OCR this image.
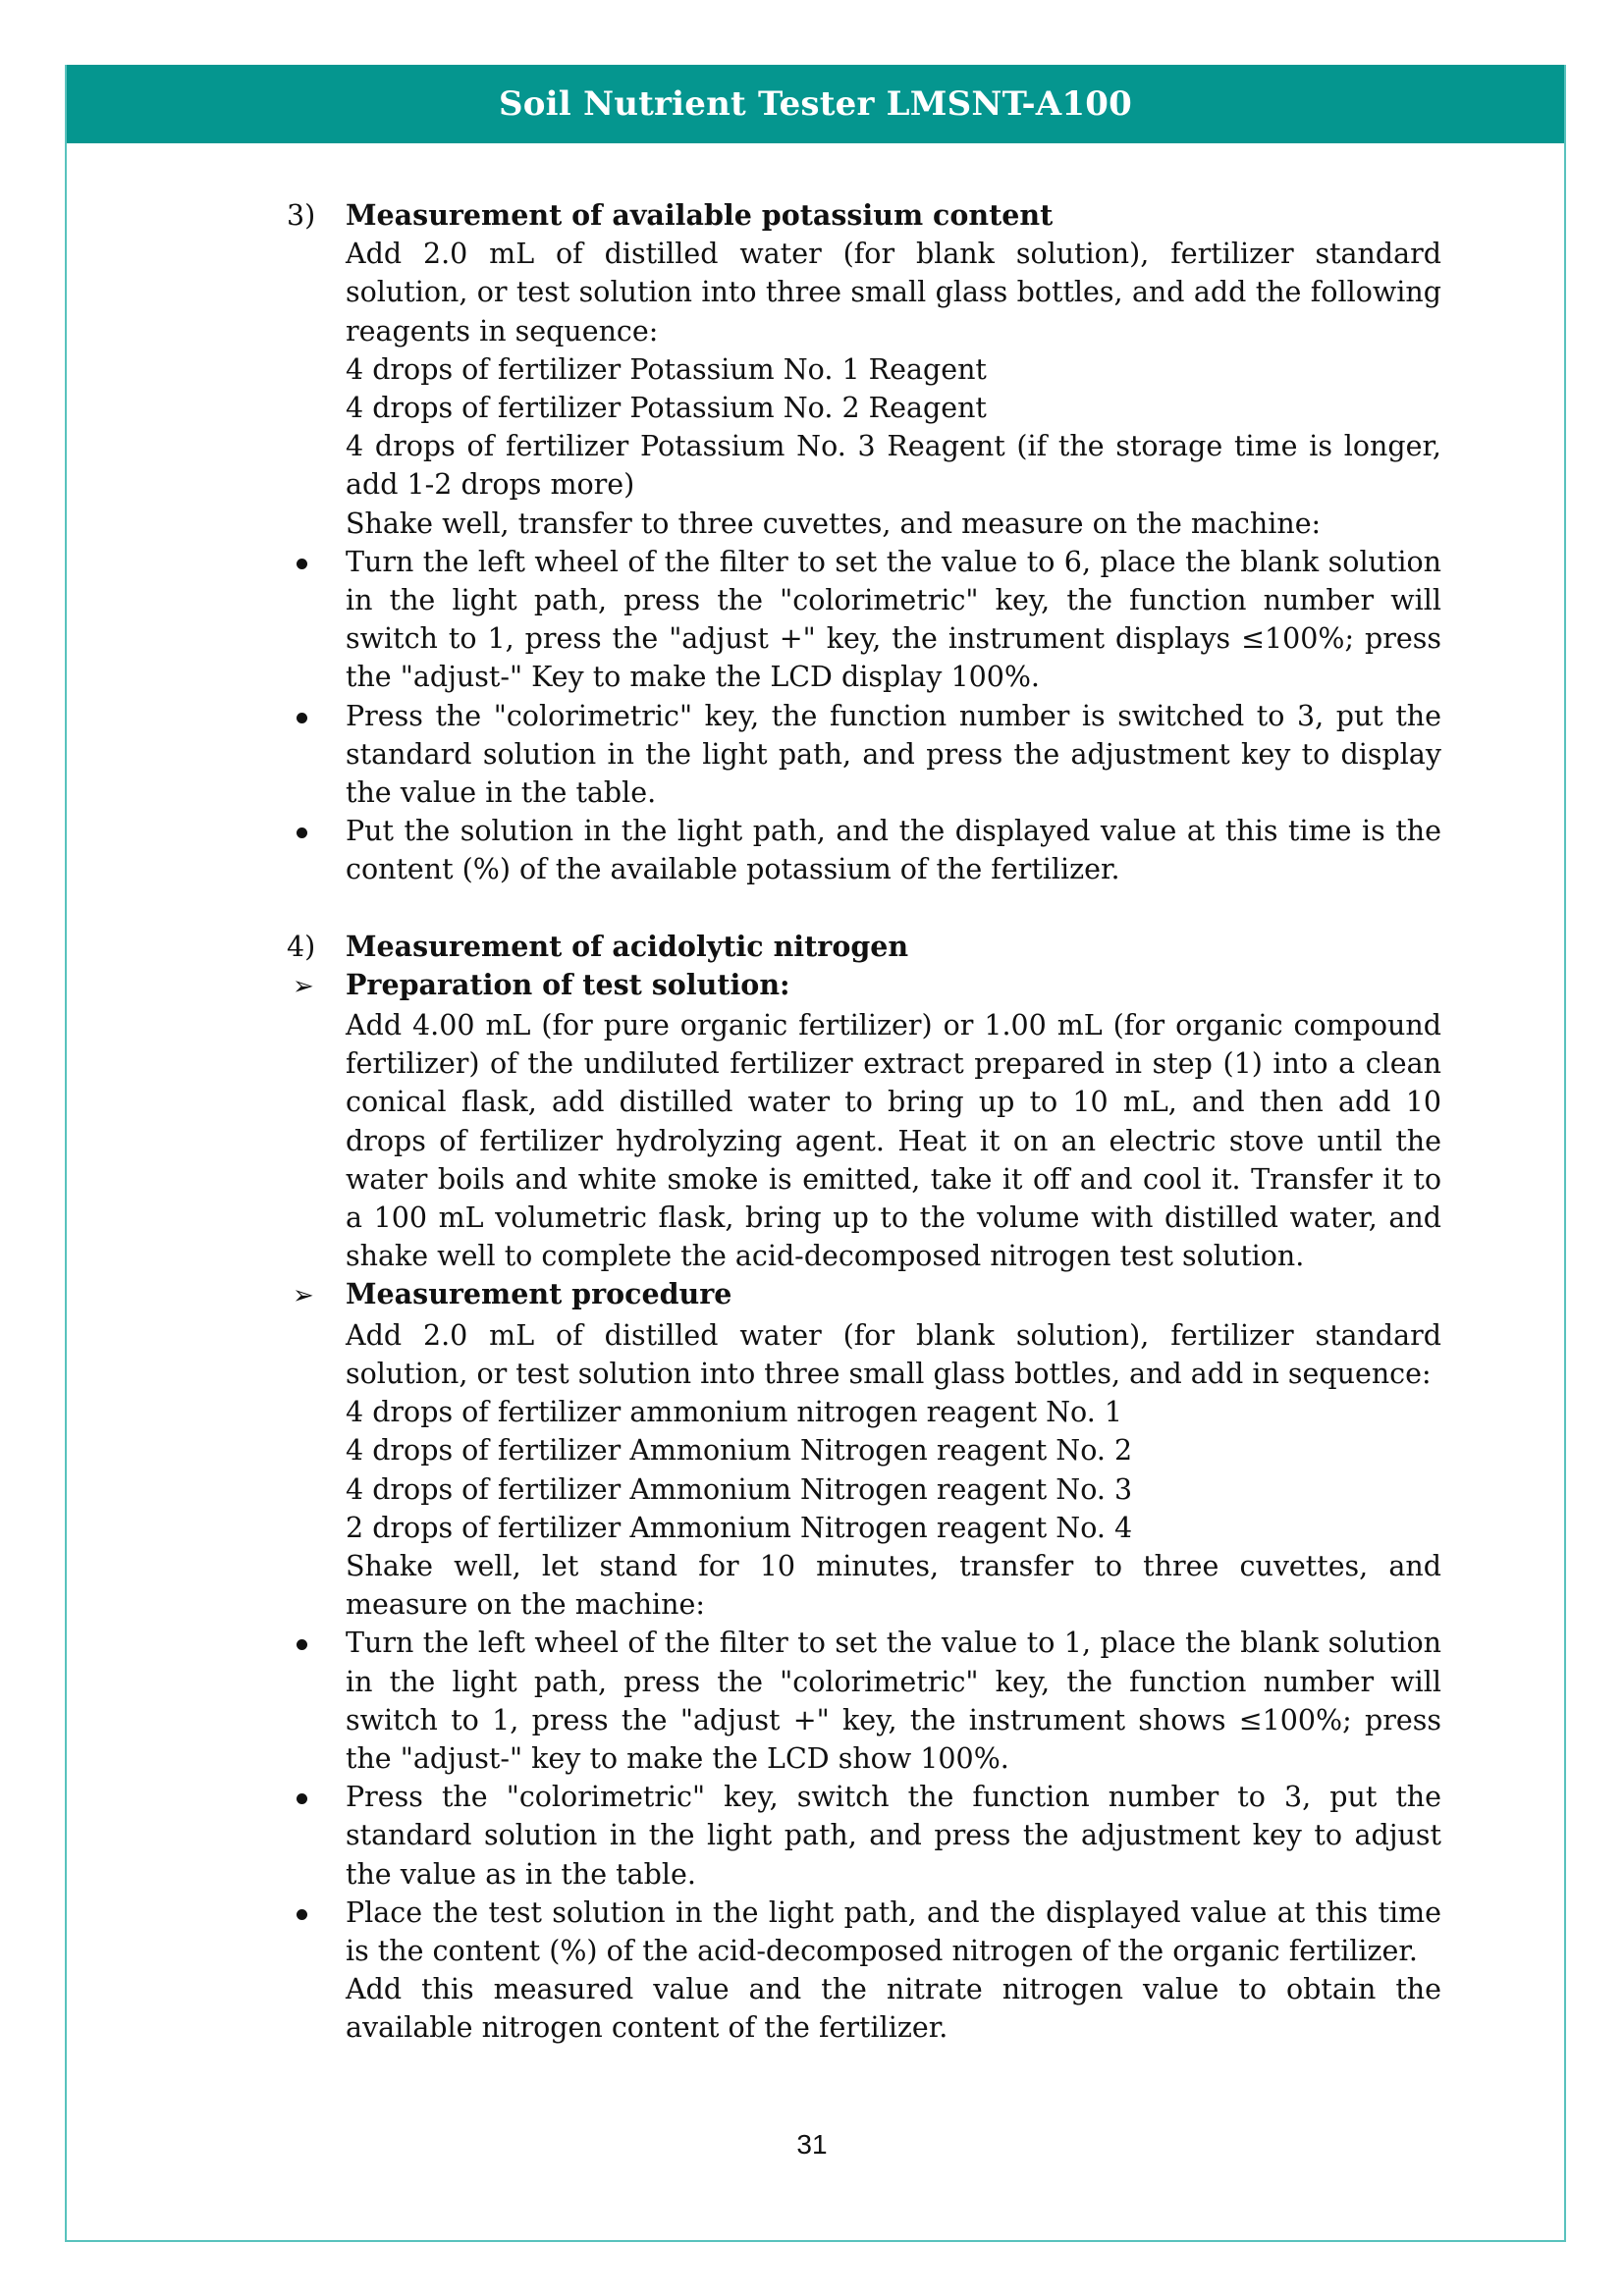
Soil Nutrient Tester LMSNT-A100
3)	Measurement of available potassium content
Add 2.0 mL of distilled water (for blank solution), fertilizer standard solution, or test solution into three small glass bottles, and add the following reagents in sequence:
4 drops of fertilizer Potassium No. 1 Reagent
4 drops of fertilizer Potassium No. 2 Reagent
4 drops of fertilizer Potassium No. 3 Reagent (if the storage time is longer, add 1-2 drops more)
Shake well, transfer to three cuvettes, and measure on the machine:
Turn the left wheel of the filter to set the value to 6, place the blank solution in the light path, press the "colorimetric" key, the function number will switch to 1, press the "adjust +" key, the instrument displays ≤100%; press the "adjust-" Key to make the LCD display 100%.
Press the "colorimetric" key, the function number is switched to 3, put the standard solution in the light path, and press the adjustment key to display the value in the table.
Put the solution in the light path, and the displayed value at this time is the content (%) of the available potassium of the fertilizer.
4)	Measurement of acidolytic nitrogen
➢	Preparation of test solution:
Add 4.00 mL (for pure organic fertilizer) or 1.00 mL (for organic compound fertilizer) of the undiluted fertilizer extract prepared in step (1) into a clean conical flask, add distilled water to bring up to 10 mL, and then add 10 drops of fertilizer hydrolyzing agent. Heat it on an electric stove until the water boils and white smoke is emitted, take it off and cool it. Transfer it to a 100 mL volumetric flask, bring up to the volume with distilled water, and shake well to complete the acid-decomposed nitrogen test solution.
➢	Measurement procedure
Add 2.0 mL of distilled water (for blank solution), fertilizer standard solution, or test solution into three small glass bottles, and add in sequence:
4 drops of fertilizer ammonium nitrogen reagent No. 1
4 drops of fertilizer Ammonium Nitrogen reagent No. 2
4 drops of fertilizer Ammonium Nitrogen reagent No. 3
2 drops of fertilizer Ammonium Nitrogen reagent No. 4
Shake well, let stand for 10 minutes, transfer to three cuvettes, and measure on the machine:
Turn the left wheel of the filter to set the value to 1, place the blank solution in the light path, press the "colorimetric" key, the function number will switch to 1, press the "adjust +" key, the instrument shows ≤100%; press the "adjust-" key to make the LCD show 100%.
Press the "colorimetric" key, switch the function number to 3, put the standard solution in the light path, and press the adjustment key to adjust the value as in the table.
Place the test solution in the light path, and the displayed value at this time is the content (%) of the acid-decomposed nitrogen of the organic fertilizer.
Add this measured value and the nitrate nitrogen value to obtain the available nitrogen content of the fertilizer.
31
